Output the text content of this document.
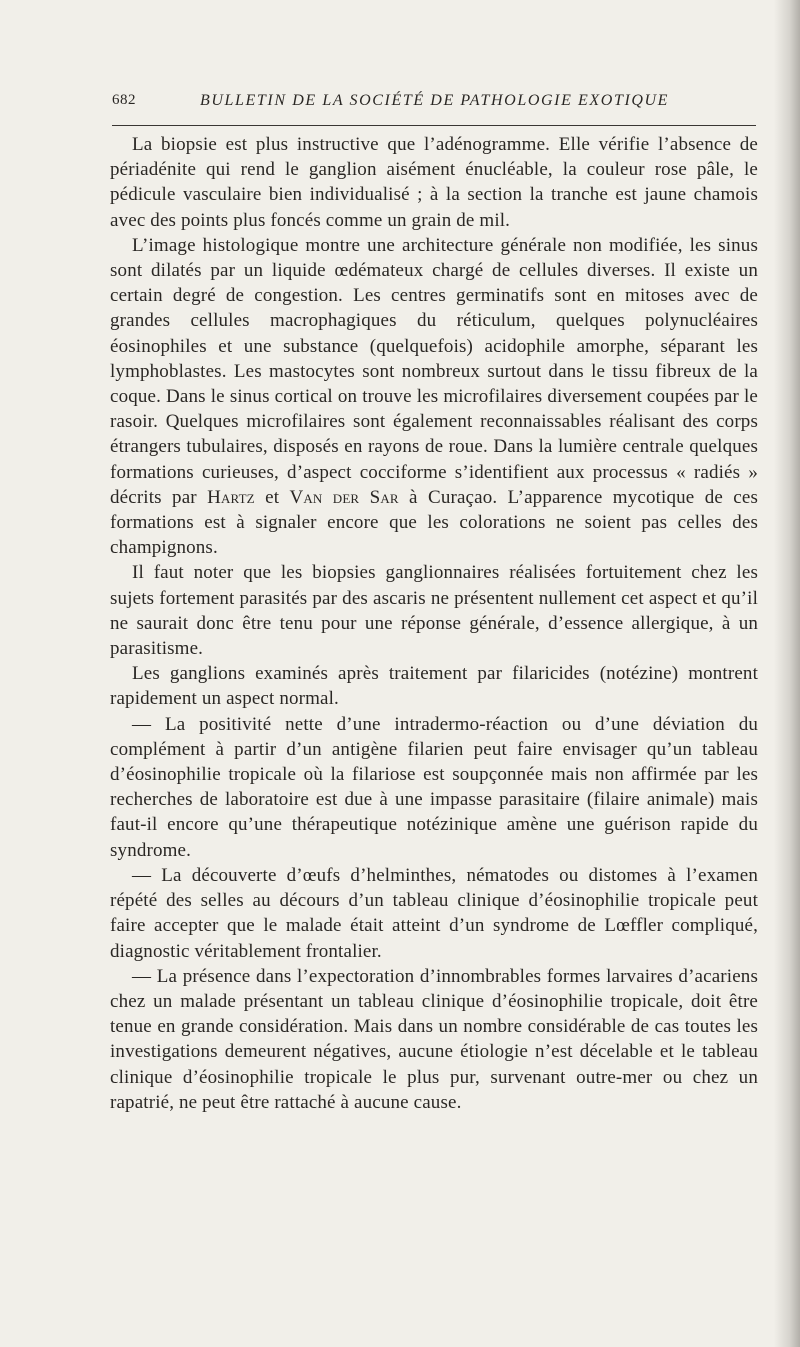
682	BULLETIN DE LA SOCIÉTÉ DE PATHOLOGIE EXOTIQUE

La biopsie est plus instructive que l’adénogramme. Elle vérifie l’absence de périadénite qui rend le ganglion aisément énucléable, la couleur rose pâle, le pédicule vasculaire bien individualisé ; à la section la tranche est jaune chamois avec des points plus foncés comme un grain de mil.

L’image histologique montre une architecture générale non modifiée, les sinus sont dilatés par un liquide œdémateux chargé de cellules diverses. Il existe un certain degré de congestion. Les centres germinatifs sont en mitoses avec de grandes cellules macrophagiques du réticulum, quelques polynucléaires éosinophiles et une substance (quelquefois) acidophile amorphe, séparant les lymphoblastes. Les mastocytes sont nombreux surtout dans le tissu fibreux de la coque. Dans le sinus cortical on trouve les microfilaires diversement coupées par le rasoir. Quelques microfilaires sont également reconnaissables réalisant des corps étrangers tubulaires, disposés en rayons de roue. Dans la lumière centrale quelques formations curieuses, d’aspect cocciforme s’identifient aux processus « radiés » décrits par Hartz et Van der Sar à Curaçao. L’apparence mycotique de ces formations est à signaler encore que les colorations ne soient pas celles des champignons.

Il faut noter que les biopsies ganglionnaires réalisées fortuitement chez les sujets fortement parasités par des ascaris ne présentent nullement cet aspect et qu’il ne saurait donc être tenu pour une réponse générale, d’essence allergique, à un parasitisme.

Les ganglions examinés après traitement par filaricides (notézine) montrent rapidement un aspect normal.

— La positivité nette d’une intradermo-réaction ou d’une déviation du complément à partir d’un antigène filarien peut faire envisager qu’un tableau d’éosinophilie tropicale où la filariose est soupçonnée mais non affirmée par les recherches de laboratoire est due à une impasse parasitaire (filaire animale) mais faut-il encore qu’une thérapeutique notézinique amène une guérison rapide du syndrome.

— La découverte d’œufs d’helminthes, nématodes ou distomes à l’examen répété des selles au décours d’un tableau clinique d’éosinophilie tropicale peut faire accepter que le malade était atteint d’un syndrome de Lœffler compliqué, diagnostic véritablement frontalier.

— La présence dans l’expectoration d’innombrables formes larvaires d’acariens chez un malade présentant un tableau clinique d’éosinophilie tropicale, doit être tenue en grande considération. Mais dans un nombre considérable de cas toutes les investigations demeurent négatives, aucune étiologie n’est décelable et le tableau clinique d’éosinophilie tropicale le plus pur, survenant outre-mer ou chez un rapatrié, ne peut être rattaché à aucune cause.
